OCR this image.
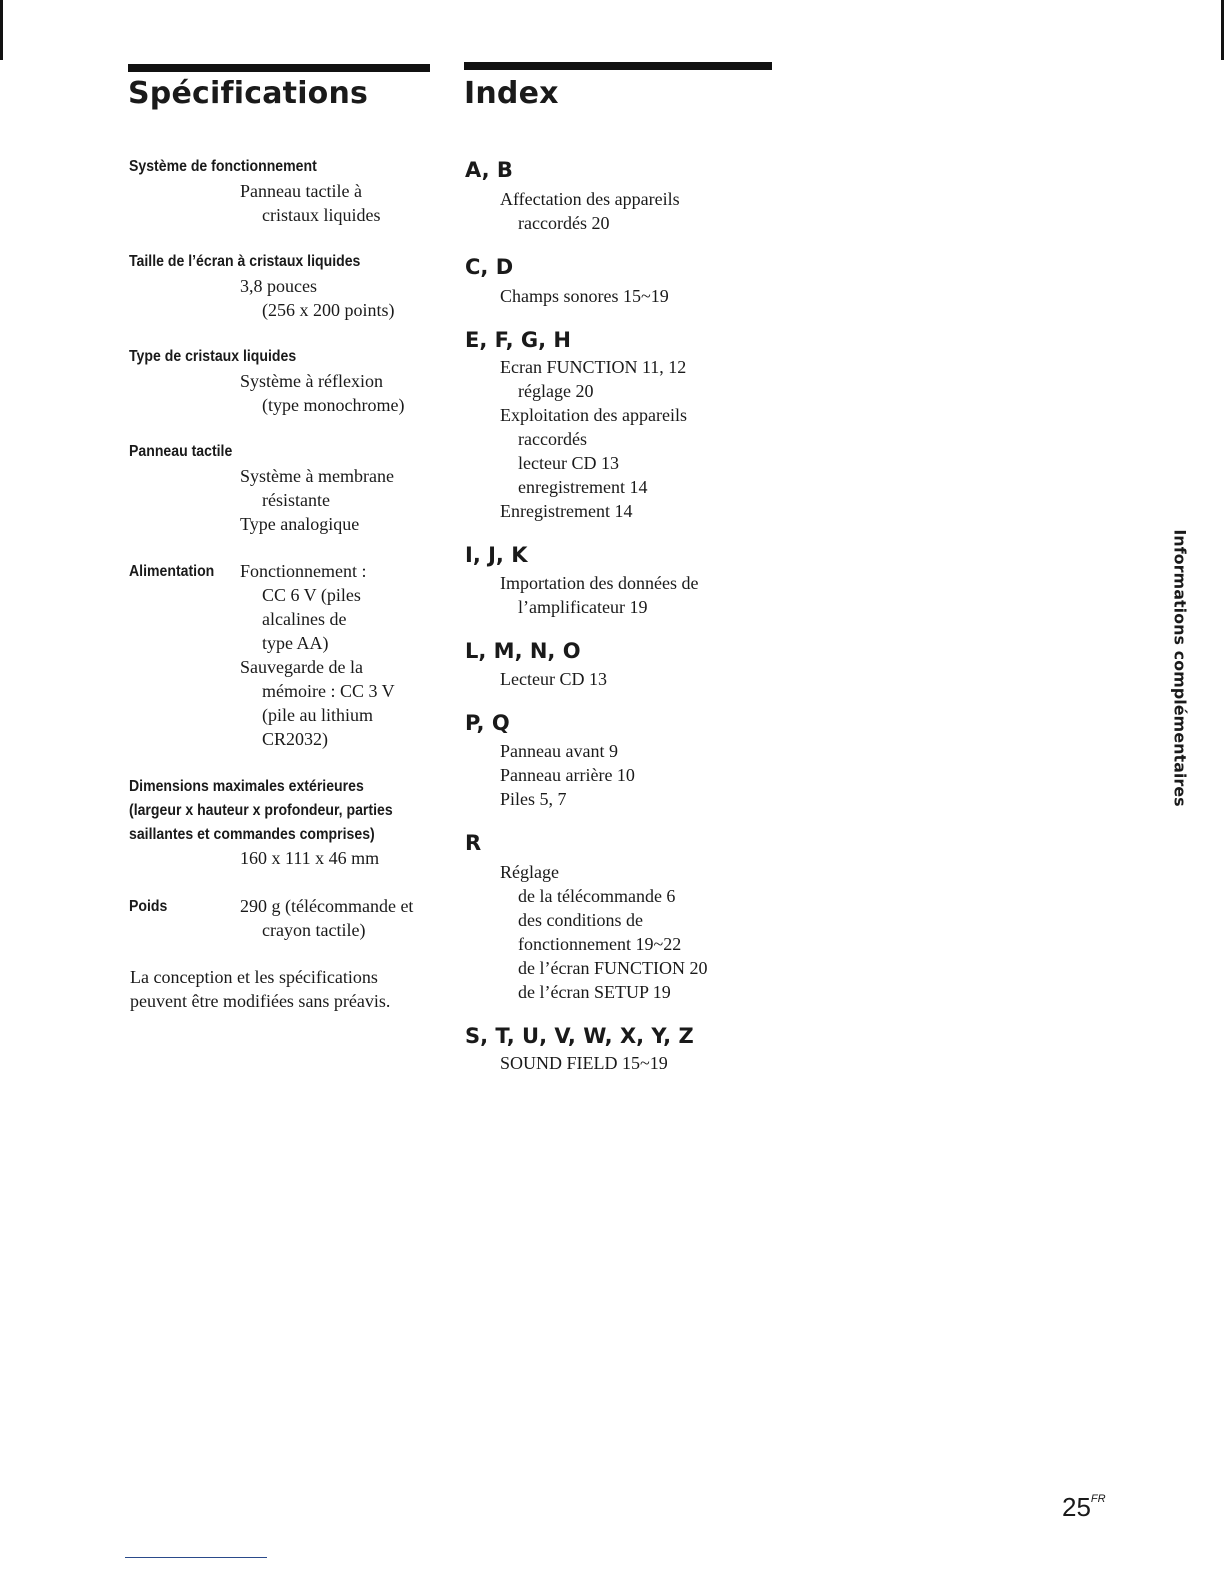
Spécifications
Système de fonctionnement
Panneau tactile à
cristaux liquides
Taille de l’écran à cristaux liquides
3,8 pouces
(256 x 200 points)
Type de cristaux liquides
Système à réflexion
(type monochrome)
Panneau tactile
Système à membrane
résistante
Type analogique
Alimentation Fonctionnement :
CC 6 V (piles
alcalines de
type AA)
Sauvegarde de la
mémoire : CC 3 V
(pile au lithium
CR2032)
Dimensions maximales extérieures
(largeur x hauteur x profondeur, parties
saillantes et commandes comprises)
160 x 111 x 46 mm
Poids	290 g (télécommande et
crayon tactile)
La conception et les spécifications
peuvent être modifiées sans préavis.
Index
A, B
Affectation des appareils
raccordés 20
C, D
Champs sonores 15~19
E, F, G, H
Ecran FUNCTION 11, 12
réglage 20
Exploitation des appareils
raccordés
lecteur CD 13
enregistrement 14
Enregistrement 14
I, J, K
Importation des données de
l’amplificateur 19
L, M, N, O
Lecteur CD 13
P, Q
Panneau avant 9
Panneau arrière 10
Piles 5, 7
R
Réglage
de la télécommande 6
des conditions de
fonctionnement 19~22
de l’écran FUNCTION 20
de l’écran SETUP 19
S, T, U, V, W, X, Y, Z
SOUND FIELD 15~19
Informations complémentaires
$25^{FR}$
